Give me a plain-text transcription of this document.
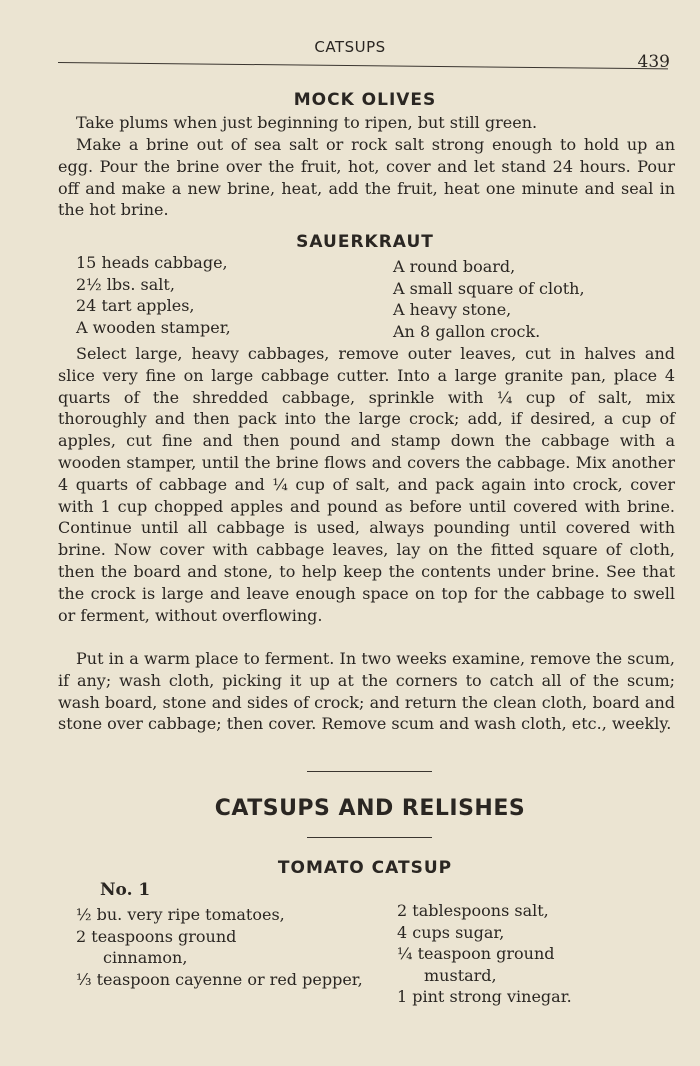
CATSUPS
439
MOCK OLIVES

Take plums when just beginning to ripen, but still green.

Make a brine out of sea salt or rock salt strong enough to hold up an egg. Pour the brine over the fruit, hot, cover and let stand 24 hours. Pour off and make a new brine, heat, add the fruit, heat one minute and seal in the hot brine.

SAUERKRAUT
15 heads cabbage,
2½ lbs. salt,
24 tart apples,
A wooden stamper,
A round board,
A small square of cloth,
A heavy stone,
An 8 gallon crock.

Select large, heavy cabbages, remove outer leaves, cut in halves and slice very fine on large cabbage cutter. Into a large granite pan, place 4 quarts of the shredded cabbage, sprinkle with ¼ cup of salt, mix thoroughly and then pack into the large crock; add, if desired, a cup of apples, cut fine and then pound and stamp down the cabbage with a wooden stamper, until the brine flows and covers the cabbage. Mix another 4 quarts of cabbage and ¼ cup of salt, and pack again into crock, cover with 1 cup chopped apples and pound as before until covered with brine. Continue until all cabbage is used, always pounding until covered with brine. Now cover with cabbage leaves, lay on the fitted square of cloth, then the board and stone, to help keep the contents under brine. See that the crock is large and leave enough space on top for the cabbage to swell or ferment, without overflowing.

Put in a warm place to ferment. In two weeks examine, remove the scum, if any; wash cloth, picking it up at the corners to catch all of the scum; wash board, stone and sides of crock; and return the clean cloth, board and stone over cabbage; then cover. Remove scum and wash cloth, etc., weekly.

CATSUPS AND RELISHES
TOMATO CATSUP
No. 1
½ bu. very ripe tomatoes,
2 teaspoons ground cinnamon,
⅓ teaspoon cayenne or red pepper,
2 tablespoons salt,
4 cups sugar,
¼ teaspoon ground mustard,
1 pint strong vinegar.
